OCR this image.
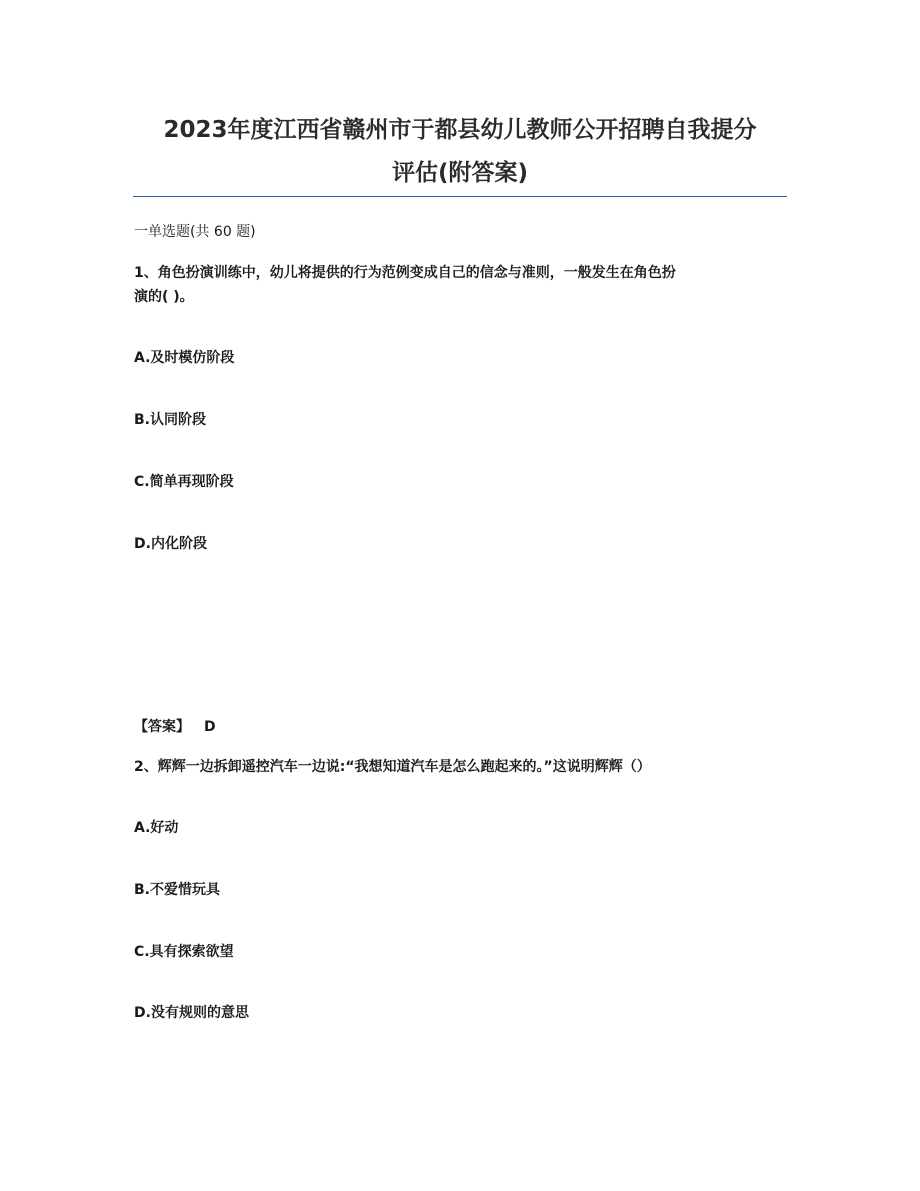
2023年度江西省赣州市于都县幼儿教师公开招聘自我提分
评估(附答案)
一单选题(共 60 题)
1、角色扮演训练中，幼儿将提供的行为范例变成自己的信念与准则，一般发生在角色扮
演的( )。
A.及时模仿阶段
B.认同阶段
C.简单再现阶段
D.内化阶段
【答案】 D
2、辉辉一边拆卸遥控汽车一边说:“我想知道汽车是怎么跑起来的。”这说明辉辉（）
A.好动
B.不爱惜玩具
C.具有探索欲望
D.没有规则的意思
